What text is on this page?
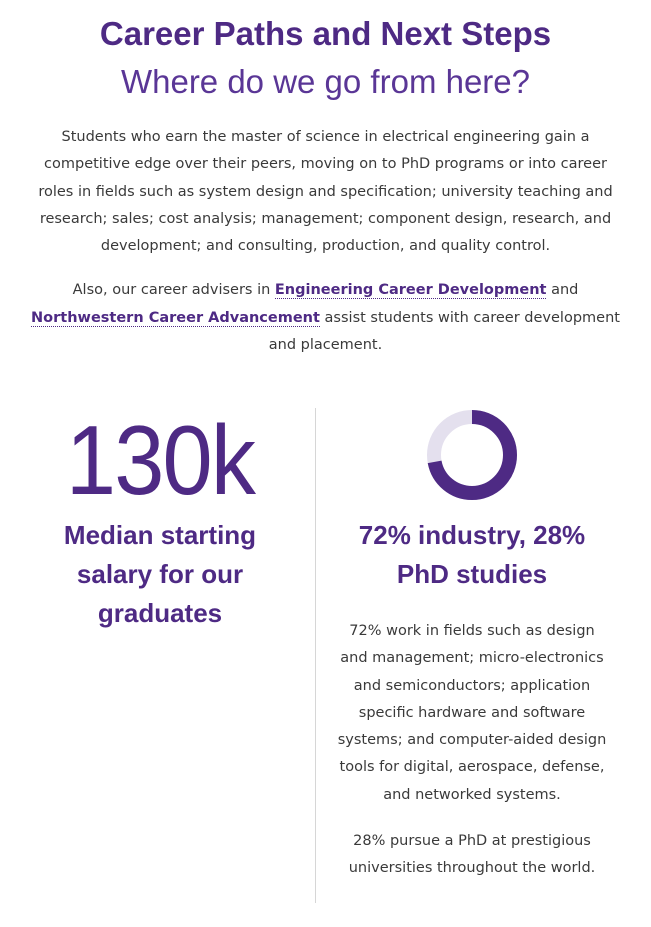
Career Paths and Next Steps
Where do we go from here?

Students who earn the master of science in electrical engineering gain a competitive edge over their peers, moving on to PhD programs or into career roles in fields such as system design and specification; university teaching and research; sales; cost analysis; management; component design, research, and development; and consulting, production, and quality control.

Also, our career advisers in Engineering Career Development and Northwestern Career Advancement assist students with career development and placement.

130k
Median starting salary for our graduates
72% industry, 28% PhD studies

72% work in fields such as design and management; micro-electronics and semiconductors; application specific hardware and software systems; and computer-aided design tools for digital, aerospace, defense, and networked systems.

28% pursue a PhD at prestigious universities throughout the world.
